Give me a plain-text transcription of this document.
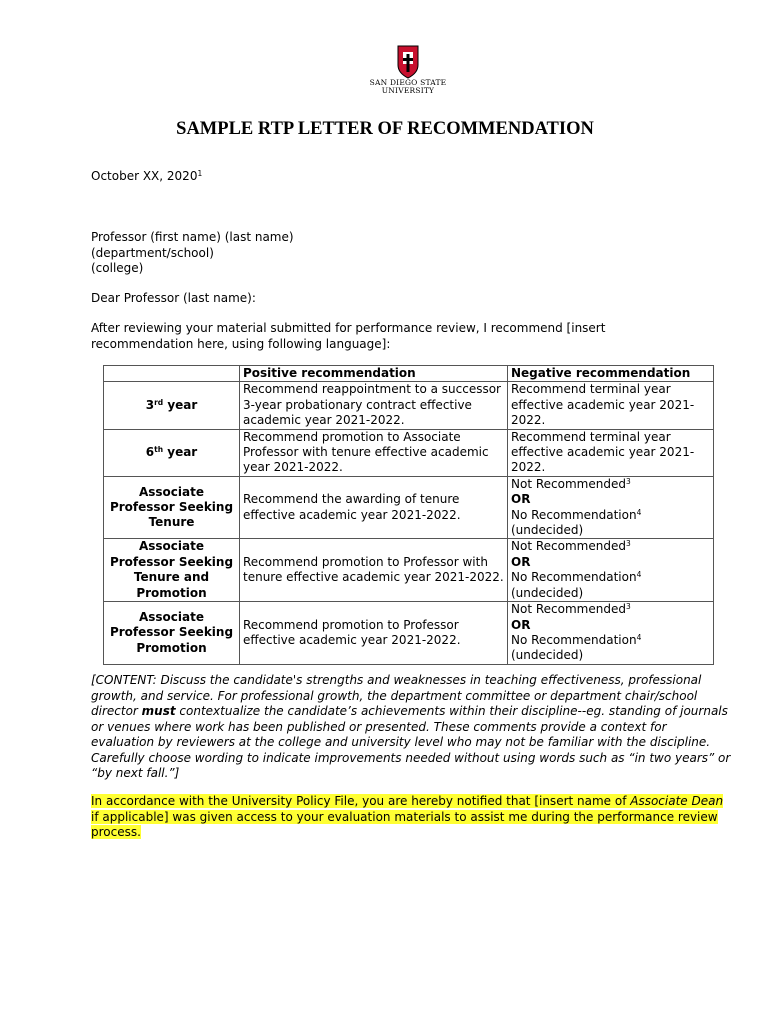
SAN DIEGO STATE
UNIVERSITY
SAMPLE RTP LETTER OF RECOMMENDATION
October XX, 2020$^1$
Professor (first name) (last name)
(department/school)
(college)
Dear Professor (last name):
After reviewing your material submitted for performance review, I recommend [insert recommendation here, using following language]:
	Positive recommendation	Negative recommendation
3rd year	Recommend reappointment to a successor 3-year probationary contract effective academic year 2021-2022.	Recommend terminal year effective academic year 2021-2022.
6th year	Recommend promotion to Associate Professor with tenure effective academic year 2021-2022.	Recommend terminal year effective academic year 2021-2022.
Associate Professor Seeking Tenure	Recommend the awarding of tenure effective academic year 2021-2022.	Not Recommended$^3$
OR
No Recommendation$^4$
(undecided)

Associate Professor Seeking Tenure and Promotion	Recommend promotion to Professor with tenure effective academic year 2021-2022.	Not Recommended$^3$
OR
No Recommendation$^4$
(undecided)

Associate Professor Seeking Promotion	Recommend promotion to Professor effective academic year 2021-2022.	Not Recommended$^3$
OR
No Recommendation$^4$
(undecided)
[CONTENT: Discuss the candidate's strengths and weaknesses in teaching effectiveness, professional growth, and service. For professional growth, the department committee or department chair/school director must contextualize the candidate’s achievements within their discipline--eg. standing of journals or venues where work has been published or presented. These comments provide a context for evaluation by reviewers at the college and university level who may not be familiar with the discipline. Carefully choose wording to indicate improvements needed without using words such as “in two years” or “by next fall.”]
In accordance with the University Policy File, you are hereby notified that [insert name of Associate Dean if applicable] was given access to your evaluation materials to assist me during the performance review process.
